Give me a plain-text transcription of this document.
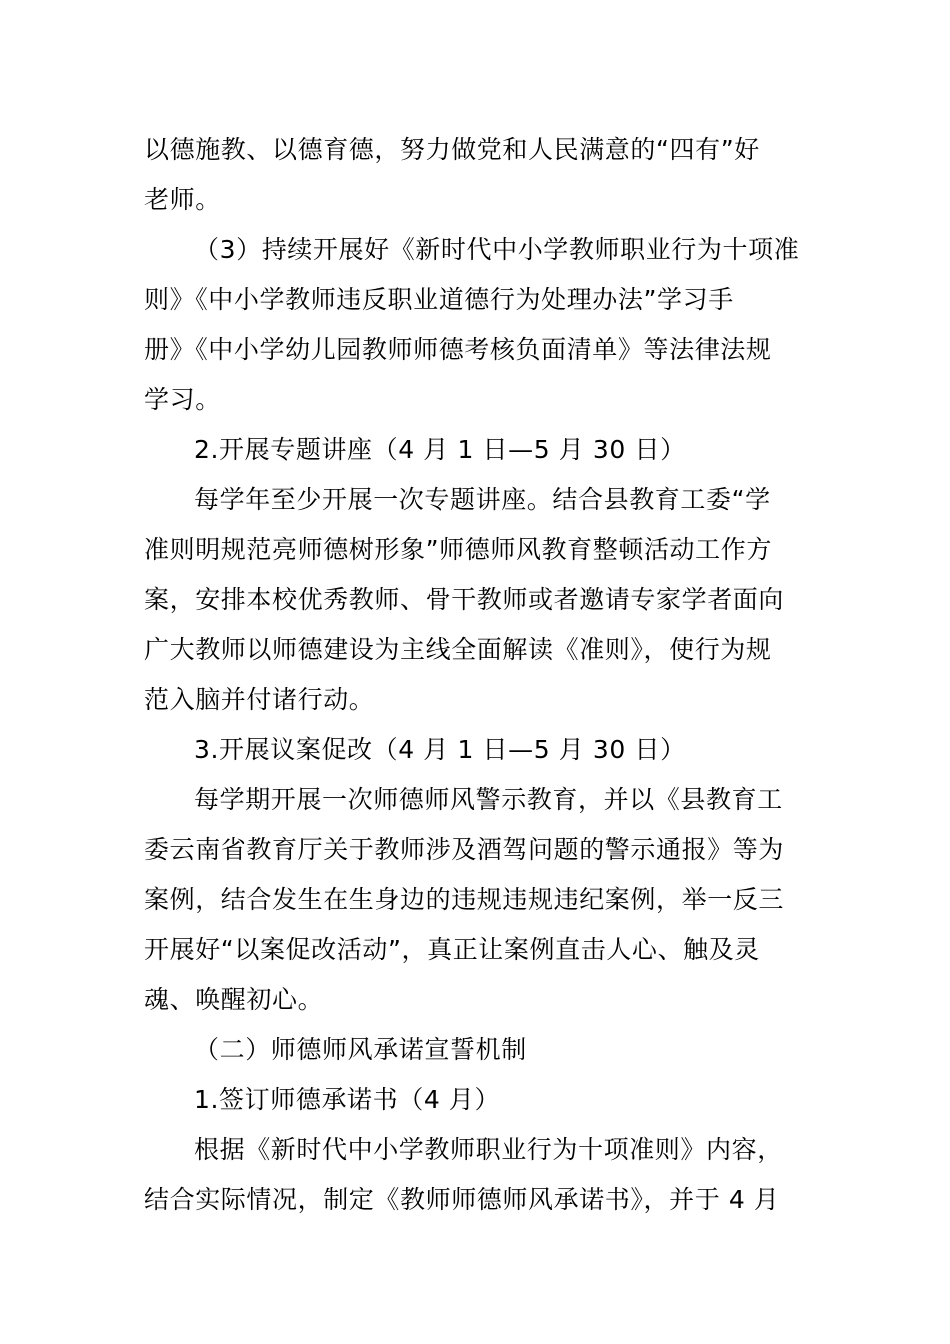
以德施教、以德育德，努力做党和人民满意的“四有”好
老师。
（3）持续开展好《新时代中小学教师职业行为十项准
则》《中小学教师违反职业道德行为处理办法”学习手
册》《中小学幼儿园教师师德考核负面清单》等法律法规
学习。
2.开展专题讲座（4 月 1 日—5 月 30 日）
每学年至少开展一次专题讲座。结合县教育工委“学
准则明规范亮师德树形象”师德师风教育整顿活动工作方
案，安排本校优秀教师、骨干教师或者邀请专家学者面向
广大教师以师德建设为主线全面解读《准则》，使行为规
范入脑并付诸行动。
3.开展议案促改（4 月 1 日—5 月 30 日）
每学期开展一次师德师风警示教育，并以《县教育工
委云南省教育厅关于教师涉及酒驾问题的警示通报》等为
案例，结合发生在生身边的违规违规违纪案例，举一反三
开展好“以案促改活动”，真正让案例直击人心、触及灵
魂、唤醒初心。
（二）师德师风承诺宣誓机制
1.签订师德承诺书（4 月）
根据《新时代中小学教师职业行为十项准则》内容，
结合实际情况，制定《教师师德师风承诺书》，并于 4 月
